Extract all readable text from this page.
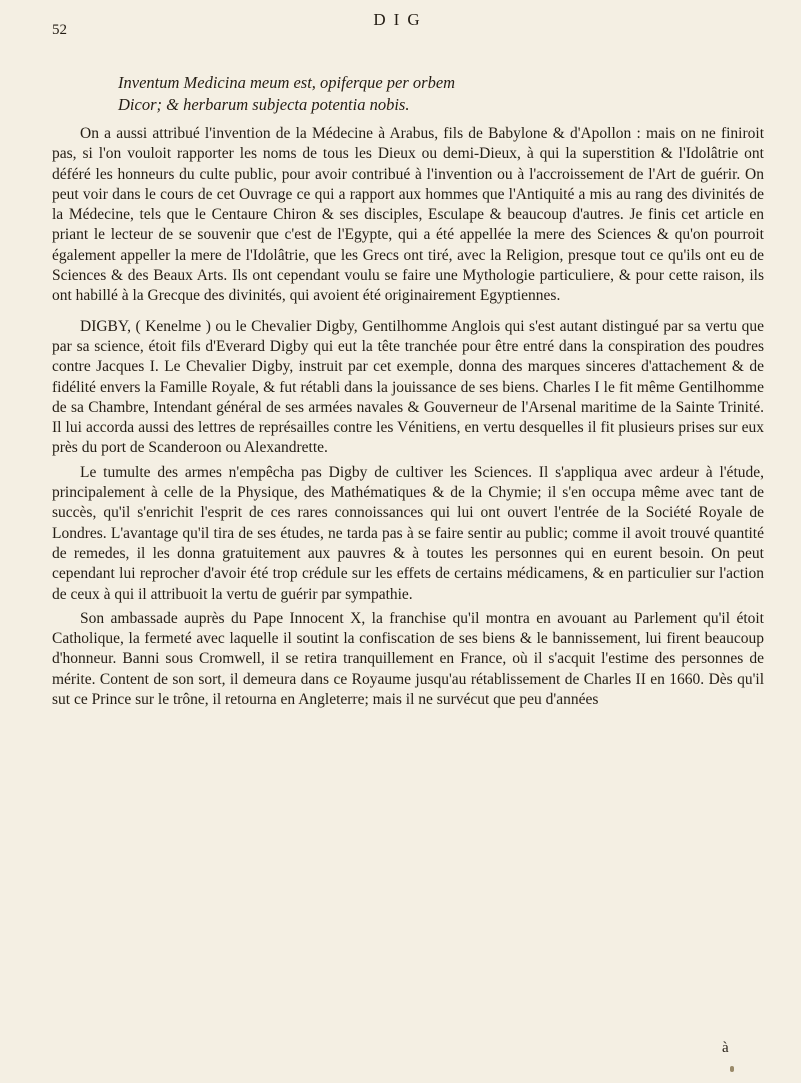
52
DIG
Inventum Medicina meum est, opiferque per orbem
Dicor; & herbarum subjecta potentia nobis.

On a aussi attribué l'invention de la Médecine à Arabus, fils de Babylone & d'Apollon : mais on ne finiroit pas, si l'on vouloit rapporter les noms de tous les Dieux ou demi-Dieux, à qui la superstition & l'Idolâtrie ont déféré les honneurs du culte public, pour avoir contribué à l'invention ou à l'accroissement de l'Art de guérir. On peut voir dans le cours de cet Ouvrage ce qui a rapport aux hommes que l'Antiquité a mis au rang des divinités de la Médecine, tels que le Centaure Chiron & ses disciples, Esculape & beaucoup d'autres. Je finis cet article en priant le lecteur de se souvenir que c'est de l'Egypte, qui a été appellée la mere des Sciences & qu'on pourroit également appeller la mere de l'Idolâtrie, que les Grecs ont tiré, avec la Religion, presque tout ce qu'ils ont eu de Sciences & des Beaux Arts. Ils ont cependant voulu se faire une Mythologie particuliere, & pour cette raison, ils ont habillé à la Grecque des divinités, qui avoient été originairement Egyptiennes.

DIGBY, ( Kenelme ) ou le Chevalier Digby, Gentilhomme Anglois qui s'est autant distingué par sa vertu que par sa science, étoit fils d'Everard Digby qui eut la tête tranchée pour être entré dans la conspiration des poudres contre Jacques I. Le Chevalier Digby, instruit par cet exemple, donna des marques sinceres d'attachement & de fidélité envers la Famille Royale, & fut rétabli dans la jouissance de ses biens. Charles I le fit même Gentilhomme de sa Chambre, Intendant général de ses armées navales & Gouverneur de l'Arsenal maritime de la Sainte Trinité. Il lui accorda aussi des lettres de représailles contre les Vénitiens, en vertu desquelles il fit plusieurs prises sur eux près du port de Scanderoon ou Alexandrette.

Le tumulte des armes n'empêcha pas Digby de cultiver les Sciences. Il s'appliqua avec ardeur à l'étude, principalement à celle de la Physique, des Mathématiques & de la Chymie; il s'en occupa même avec tant de succès, qu'il s'enrichit l'esprit de ces rares connoissances qui lui ont ouvert l'entrée de la Société Royale de Londres. L'avantage qu'il tira de ses études, ne tarda pas à se faire sentir au public; comme il avoit trouvé quantité de remedes, il les donna gratuitement aux pauvres & à toutes les personnes qui en eurent besoin. On peut cependant lui reprocher d'avoir été trop crédule sur les effets de certains médicamens, & en particulier sur l'action de ceux à qui il attribuoit la vertu de guérir par sympathie.

Son ambassade auprès du Pape Innocent X, la franchise qu'il montra en avouant au Parlement qu'il étoit Catholique, la fermeté avec laquelle il soutint la confiscation de ses biens & le bannissement, lui firent beaucoup d'honneur. Banni sous Cromwell, il se retira tranquillement en France, où il s'acquit l'estime des personnes de mérite. Content de son sort, il demeura dans ce Royaume jusqu'au rétablissement de Charles II en 1660. Dès qu'il sut ce Prince sur le trône, il retourna en Angleterre; mais il ne survécut que peu d'années

à
